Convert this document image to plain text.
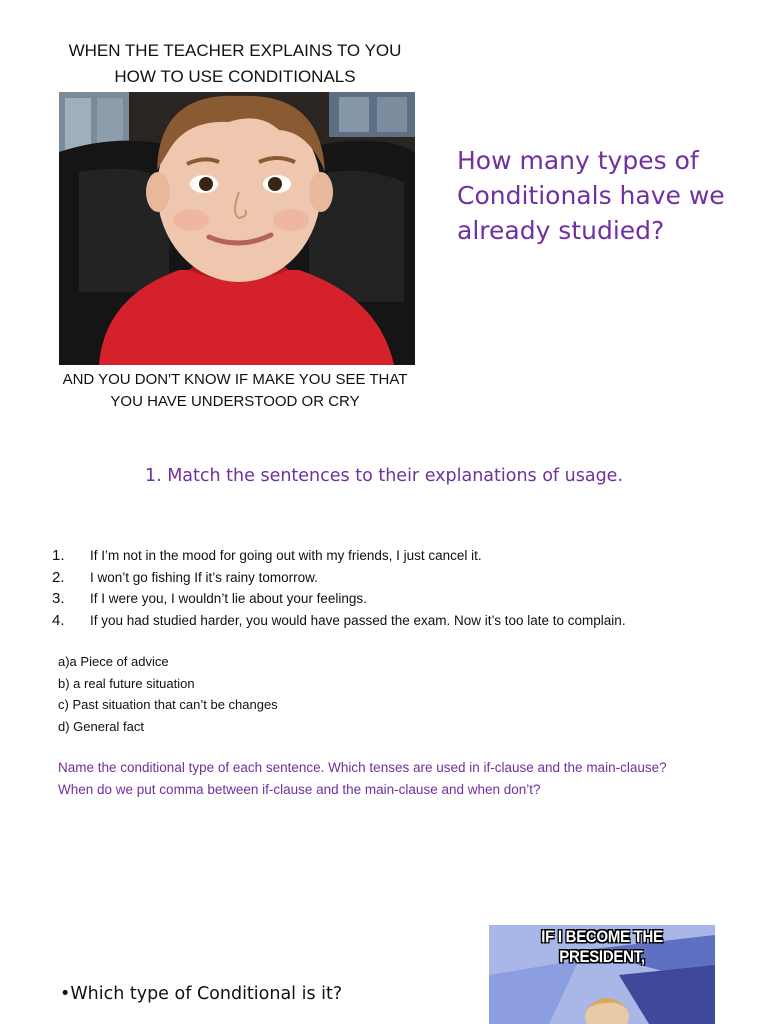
WHEN THE TEACHER EXPLAINS TO YOU
HOW TO USE CONDITIONALS
AND YOU DON'T KNOW IF MAKE YOU SEE THAT
YOU HAVE UNDERSTOOD OR CRY
How many types of Conditionals have we already studied?
1. Match the sentences to their explanations of usage.
1.	If I’m not in the mood for going out with my friends, I just cancel it.
2.	I won’t go fishing If it’s rainy tomorrow.
3.	If I were you, I wouldn’t lie about your feelings.
4.	If you had studied harder, you would have passed the exam. Now it’s too late to complain.
a)a Piece of advice
b) a real future situation
c) Past situation that can’t be changes
d) General fact
Name the conditional type of each sentence. Which tenses are used in if-clause and the main-clause?
When do we put comma between if-clause and the main-clause and when don’t?
•Which type of Conditional is it?
IF I BECOME THE PRESIDENT,
